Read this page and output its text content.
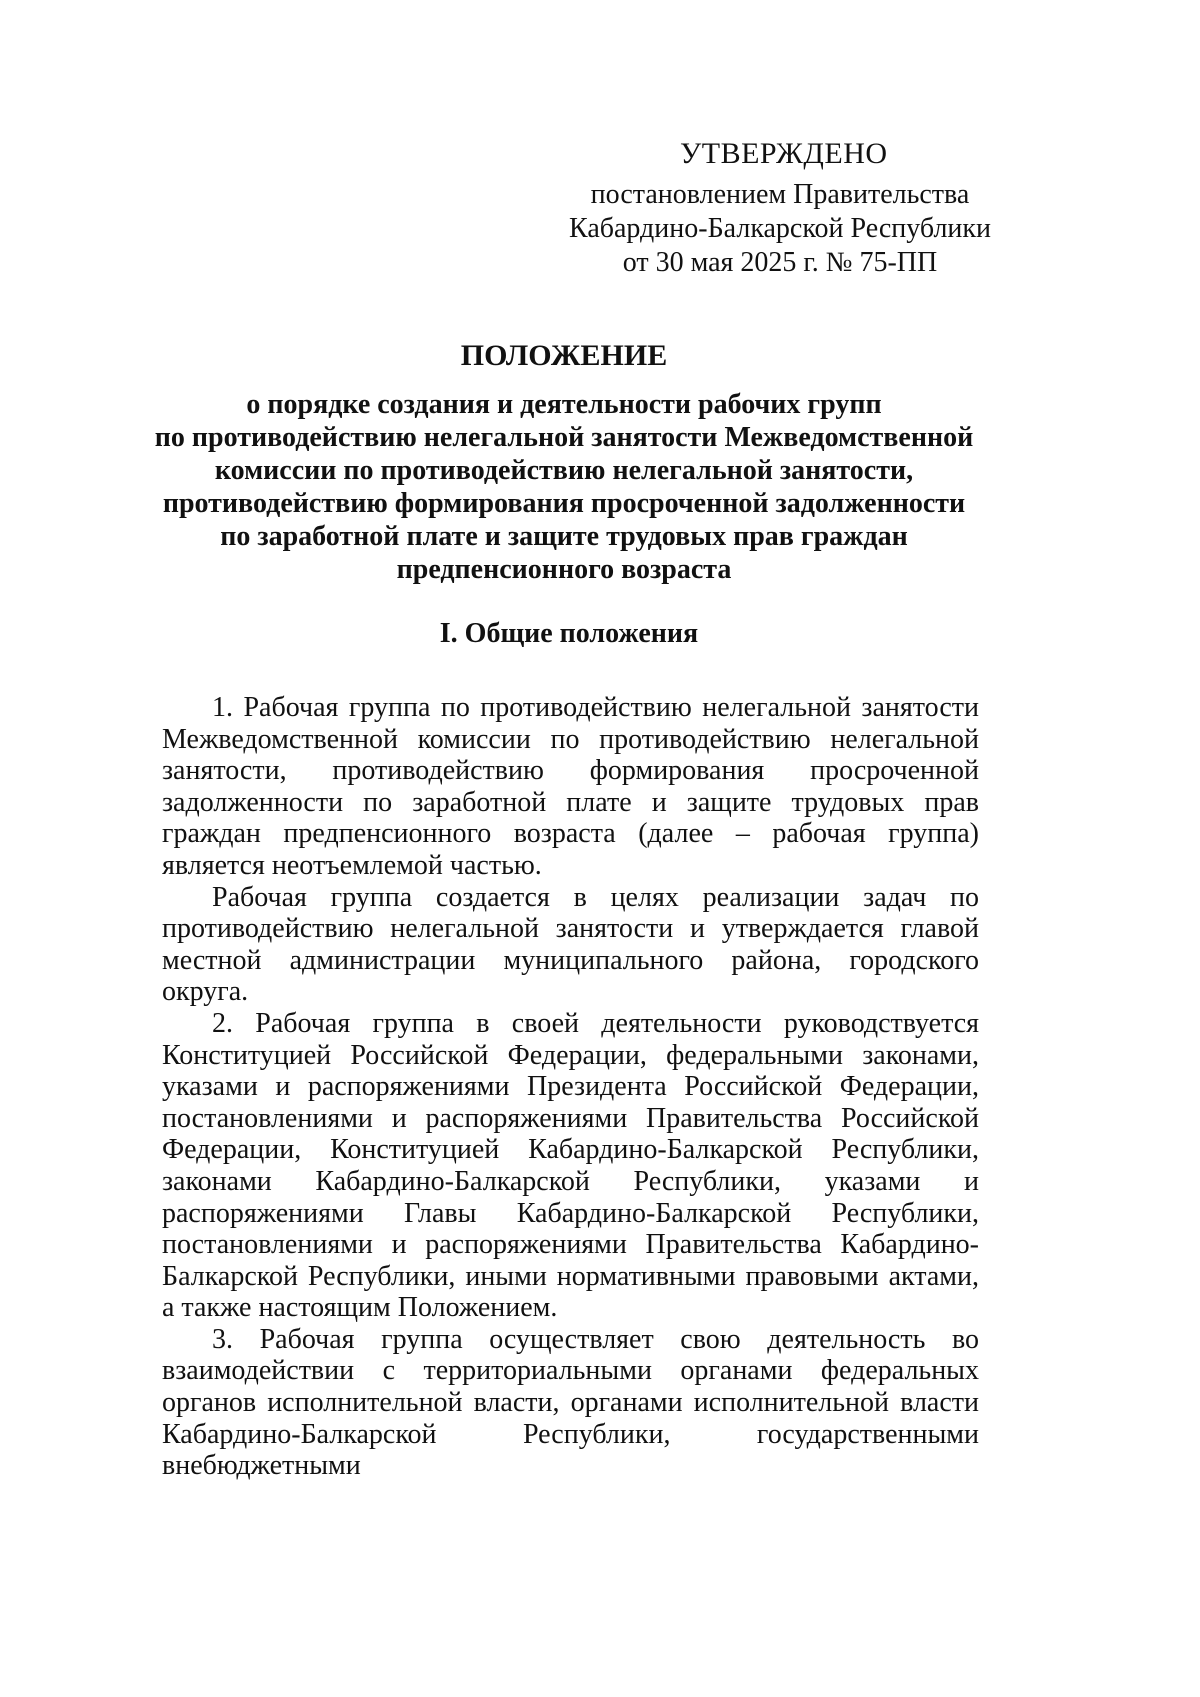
УТВЕРЖДЕНО
постановлением Правительства
Кабардино-Балкарской Республики
от 30 мая 2025 г. № 75-ПП
ПОЛОЖЕНИЕ
о порядке создания и деятельности рабочих групп
по противодействию нелегальной занятости Межведомственной
комиссии по противодействию нелегальной занятости,
противодействию формирования просроченной задолженности
по заработной плате и защите трудовых прав граждан
предпенсионного возраста
I. Общие положения

1. Рабочая группа по противодействию нелегальной занятости Межведомственной комиссии по противодействию нелегальной занятости, противодействию формирования просроченной задолженности по заработной плате и защите трудовых прав граждан предпенсионного возраста (далее – рабочая группа) является неотъемлемой частью.

Рабочая группа создается в целях реализации задач по противодействию нелегальной занятости и утверждается главой местной администрации муниципального района, городского округа.

2. Рабочая группа в своей деятельности руководствуется Конституцией Российской Федерации, федеральными законами, указами и распоряжениями Президента Российской Федерации, постановлениями и распоряжениями Правительства Российской Федерации, Конституцией Кабардино-Балкарской Республики, законами Кабардино-Балкарской Республики, указами и распоряжениями Главы Кабардино-Балкарской Республики, постановлениями и распоряжениями Правительства Кабардино-Балкарской Республики, иными нормативными правовыми актами, а также настоящим Положением.

3. Рабочая группа осуществляет свою деятельность во взаимодействии с территориальными органами федеральных органов исполнительной власти, органами исполнительной власти Кабардино-Балкарской Республики, государственными внебюджетными
